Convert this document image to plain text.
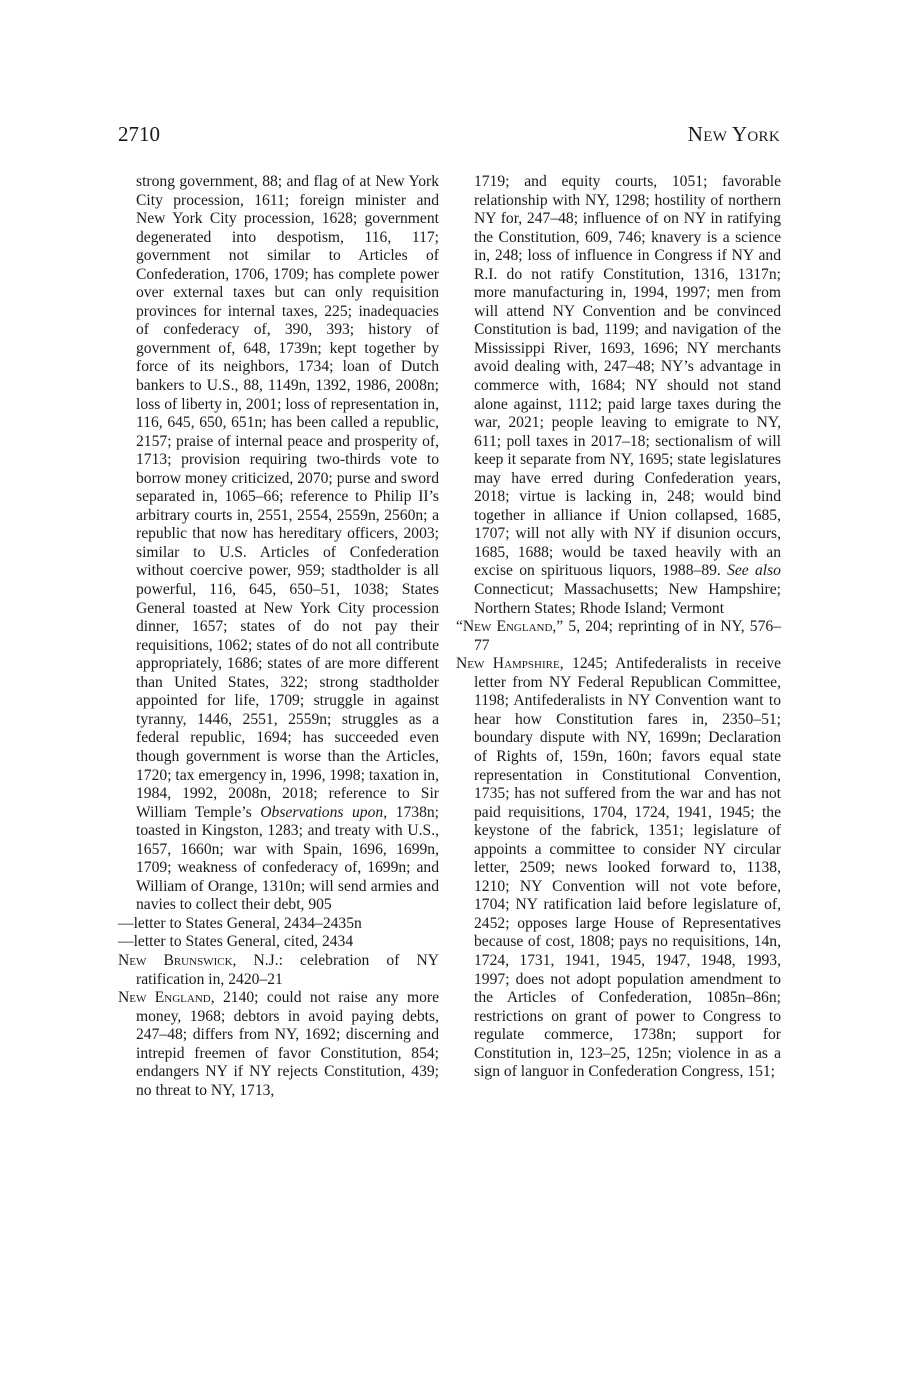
2710	New York

strong government, 88; and flag of at New York City procession, 1611; foreign minister and New York City procession, 1628; government degenerated into despotism, 116, 117; government not similar to Articles of Confederation, 1706, 1709; has complete power over external taxes but can only requisition provinces for internal taxes, 225; inadequacies of confederacy of, 390, 393; history of government of, 648, 1739n; kept together by force of its neighbors, 1734; loan of Dutch bankers to U.S., 88, 1149n, 1392, 1986, 2008n; loss of liberty in, 2001; loss of representation in, 116, 645, 650, 651n; has been called a republic, 2157; praise of internal peace and prosperity of, 1713; provision requiring two-thirds vote to borrow money criticized, 2070; purse and sword separated in, 1065–66; reference to Philip II’s arbitrary courts in, 2551, 2554, 2559n, 2560n; a republic that now has hereditary officers, 2003; similar to U.S. Articles of Confederation without coercive power, 959; stadtholder is all powerful, 116, 645, 650–51, 1038; States General toasted at New York City procession dinner, 1657; states of do not pay their requisitions, 1062; states of do not all contribute appropriately, 1686; states of are more different than United States, 322; strong stadtholder appointed for life, 1709; struggle in against tyranny, 1446, 2551, 2559n; struggles as a federal republic, 1694; has succeeded even though government is worse than the Articles, 1720; tax emergency in, 1996, 1998; taxation in, 1984, 1992, 2008n, 2018; reference to Sir William Temple’s Observations upon, 1738n; toasted in Kingston, 1283; and treaty with U.S., 1657, 1660n; war with Spain, 1696, 1699n, 1709; weakness of confederacy of, 1699n; and William of Orange, 1310n; will send armies and navies to collect their debt, 905

—letter to States General, 2434–2435n

—letter to States General, cited, 2434

New Brunswick, N.J.: celebration of NY ratification in, 2420–21

New England, 2140; could not raise any more money, 1968; debtors in avoid paying debts, 247–48; differs from NY, 1692; discerning and intrepid freemen of favor Constitution, 854; endangers NY if NY rejects Constitution, 439; no threat to NY, 1713,

1719; and equity courts, 1051; favorable relationship with NY, 1298; hostility of northern NY for, 247–48; influence of on NY in ratifying the Constitution, 609, 746; knavery is a science in, 248; loss of influence in Congress if NY and R.I. do not ratify Constitution, 1316, 1317n; more manufacturing in, 1994, 1997; men from will attend NY Convention and be convinced Constitution is bad, 1199; and navigation of the Mississippi River, 1693, 1696; NY merchants avoid dealing with, 247–48; NY’s advantage in commerce with, 1684; NY should not stand alone against, 1112; paid large taxes during the war, 2021; people leaving to emigrate to NY, 611; poll taxes in 2017–18; sectionalism of will keep it separate from NY, 1695; state legislatures may have erred during Confederation years, 2018; virtue is lacking in, 248; would bind together in alliance if Union collapsed, 1685, 1707; will not ally with NY if disunion occurs, 1685, 1688; would be taxed heavily with an excise on spirituous liquors, 1988–89. See also Connecticut; Massachusetts; New Hampshire; Northern States; Rhode Island; Vermont

“New England,” 5, 204; reprinting of in NY, 576–77

New Hampshire, 1245; Antifederalists in receive letter from NY Federal Republican Committee, 1198; Antifederalists in NY Convention want to hear how Constitution fares in, 2350–51; boundary dispute with NY, 1699n; Declaration of Rights of, 159n, 160n; favors equal state representation in Constitutional Convention, 1735; has not suffered from the war and has not paid requisitions, 1704, 1724, 1941, 1945; the keystone of the fabrick, 1351; legislature of appoints a committee to consider NY circular letter, 2509; news looked forward to, 1138, 1210; NY Convention will not vote before, 1704; NY ratification laid before legislature of, 2452; opposes large House of Representatives because of cost, 1808; pays no requisitions, 14n, 1724, 1731, 1941, 1945, 1947, 1948, 1993, 1997; does not adopt population amendment to the Articles of Confederation, 1085n–86n; restrictions on grant of power to Congress to regulate commerce, 1738n; support for Constitution in, 123–25, 125n; violence in as a sign of languor in Confederation Congress, 151;
